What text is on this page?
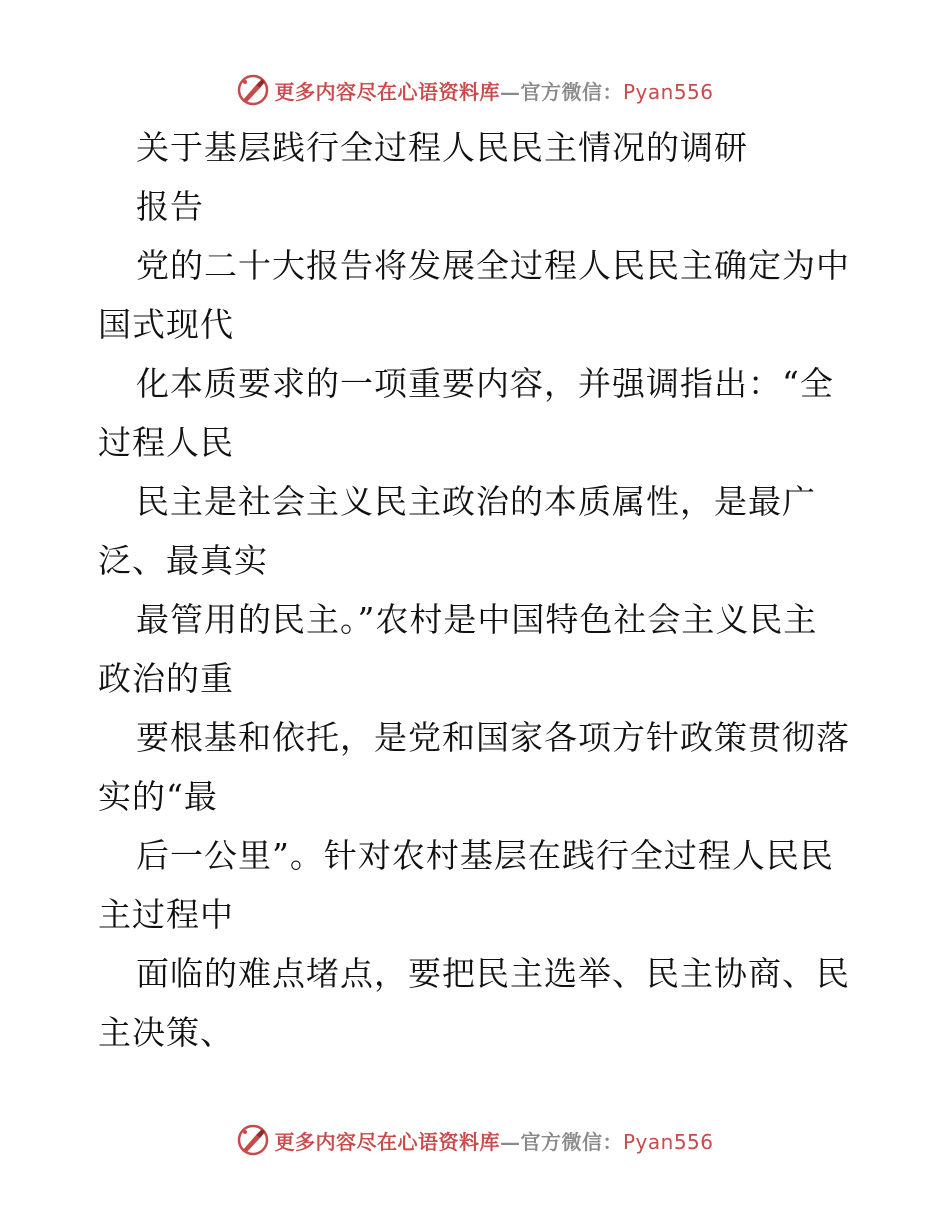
更多内容尽在心语资料库—官方微信：Pyan556
关于基层践行全过程人民民主情况的调研
报告
党的二十大报告将发展全过程人民民主确定为中
国式现代
化本质要求的一项重要内容，并强调指出：“全
过程人民
民主是社会主义民主政治的本质属性，是最广
泛、最真实
最管用的民主。”农村是中国特色社会主义民主
政治的重
要根基和依托，是党和国家各项方针政策贯彻落
实的“最
后一公里”。针对农村基层在践行全过程人民民
主过程中
面临的难点堵点，要把民主选举、民主协商、民
主决策、
更多内容尽在心语资料库—官方微信：Pyan556
